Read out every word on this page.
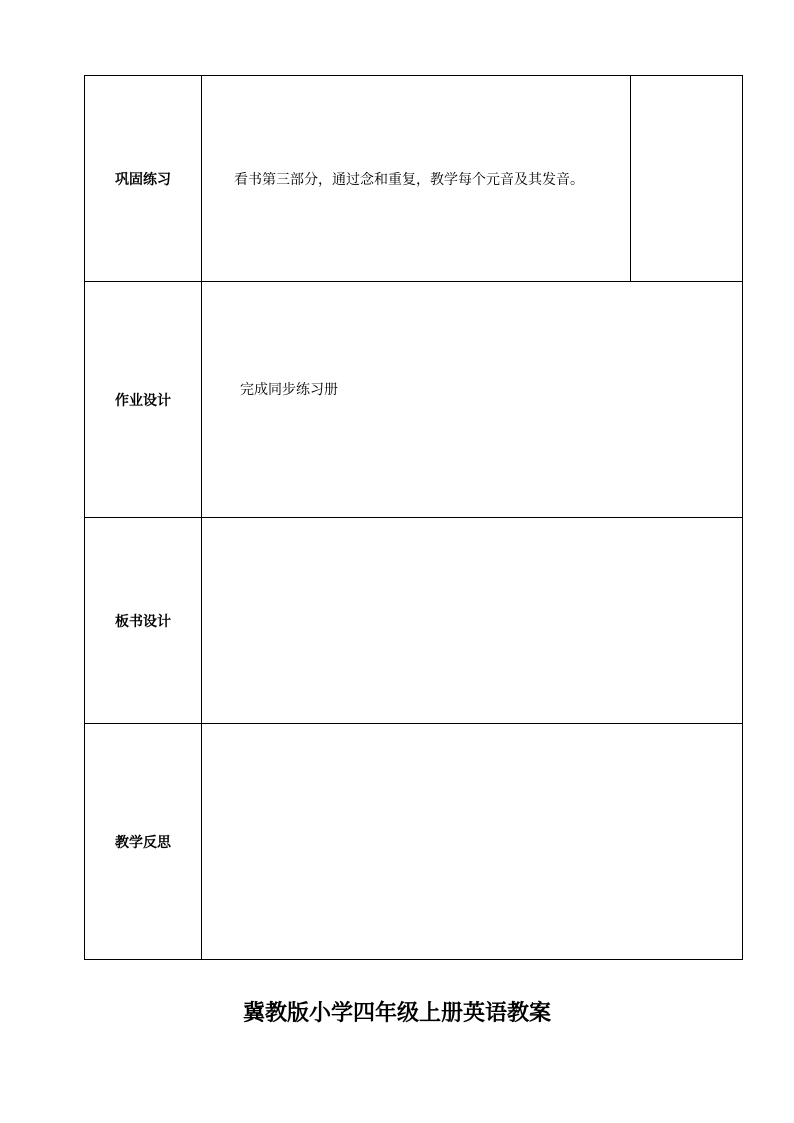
巩固练习	看书第三部分，通过念和重复，教学每个元音及其发音。	

作业设计	完成同步练习册	

板书设计		
教学反思		
冀教版小学四年级上册英语教案
